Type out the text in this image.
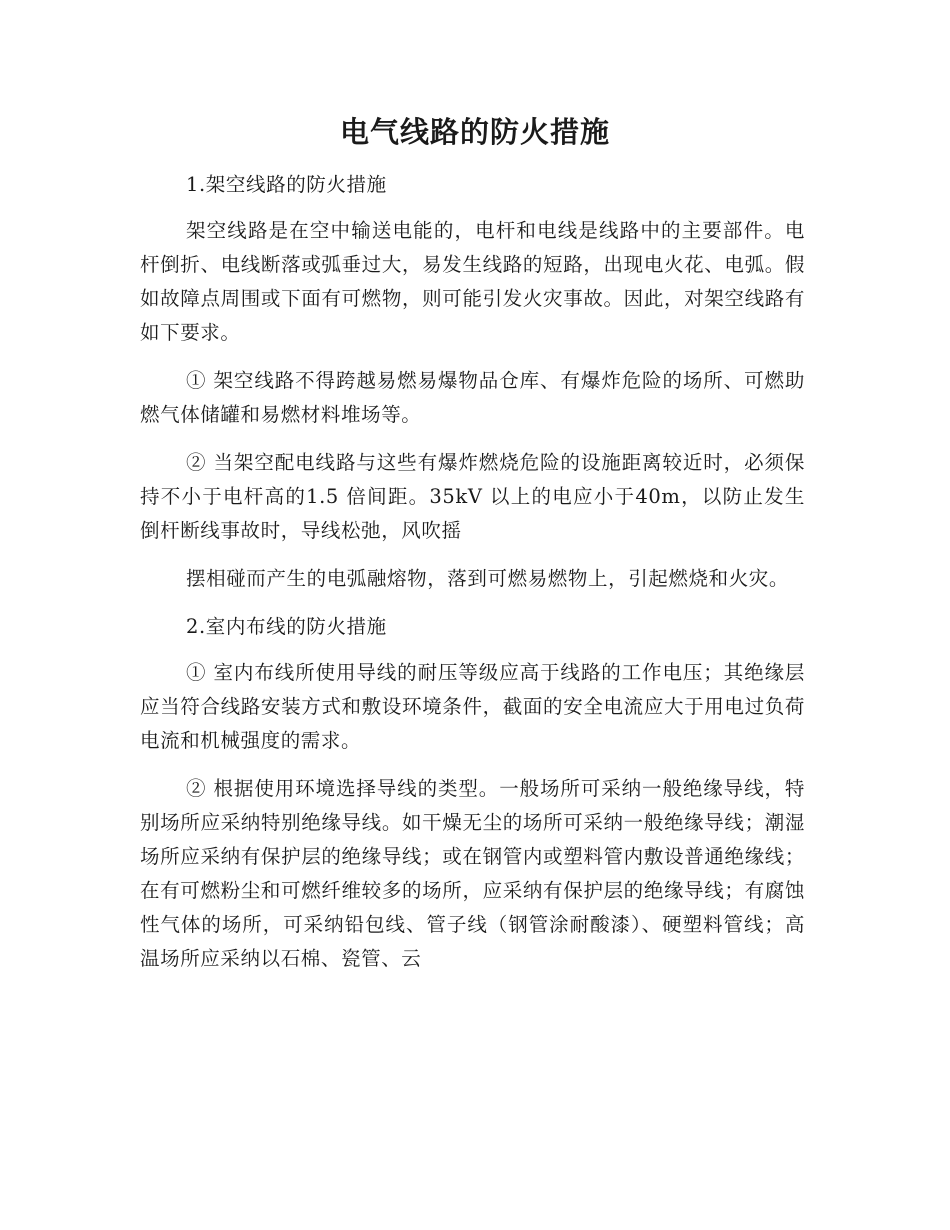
电气线路的防火措施

1.架空线路的防火措施

架空线路是在空中输送电能的，电杆和电线是线路中的主要部件。电杆倒折、电线断落或弧垂过大，易发生线路的短路，出现电火花、电弧。假如故障点周围或下面有可燃物，则可能引发火灾事故。因此，对架空线路有如下要求。

① 架空线路不得跨越易燃易爆物品仓库、有爆炸危险的场所、可燃助燃气体储罐和易燃材料堆场等。

② 当架空配电线路与这些有爆炸燃烧危险的设施距离较近时，必须保持不小于电杆高的1.5 倍间距。35kV 以上的电应小于40m，以防止发生倒杆断线事故时，导线松弛，风吹摇

摆相碰而产生的电弧融熔物，落到可燃易燃物上，引起燃烧和火灾。

2.室内布线的防火措施

① 室内布线所使用导线的耐压等级应高于线路的工作电压；其绝缘层应当符合线路安装方式和敷设环境条件，截面的安全电流应大于用电过负荷电流和机械强度的需求。

② 根据使用环境选择导线的类型。一般场所可采纳一般绝缘导线，特别场所应采纳特别绝缘导线。如干燥无尘的场所可采纳一般绝缘导线；潮湿场所应采纳有保护层的绝缘导线；或在钢管内或塑料管内敷设普通绝缘线；在有可燃粉尘和可燃纤维较多的场所，应采纳有保护层的绝缘导线；有腐蚀性气体的场所，可采纳铅包线、管子线（钢管涂耐酸漆）、硬塑料管线；高温场所应采纳以石棉、瓷管、云
